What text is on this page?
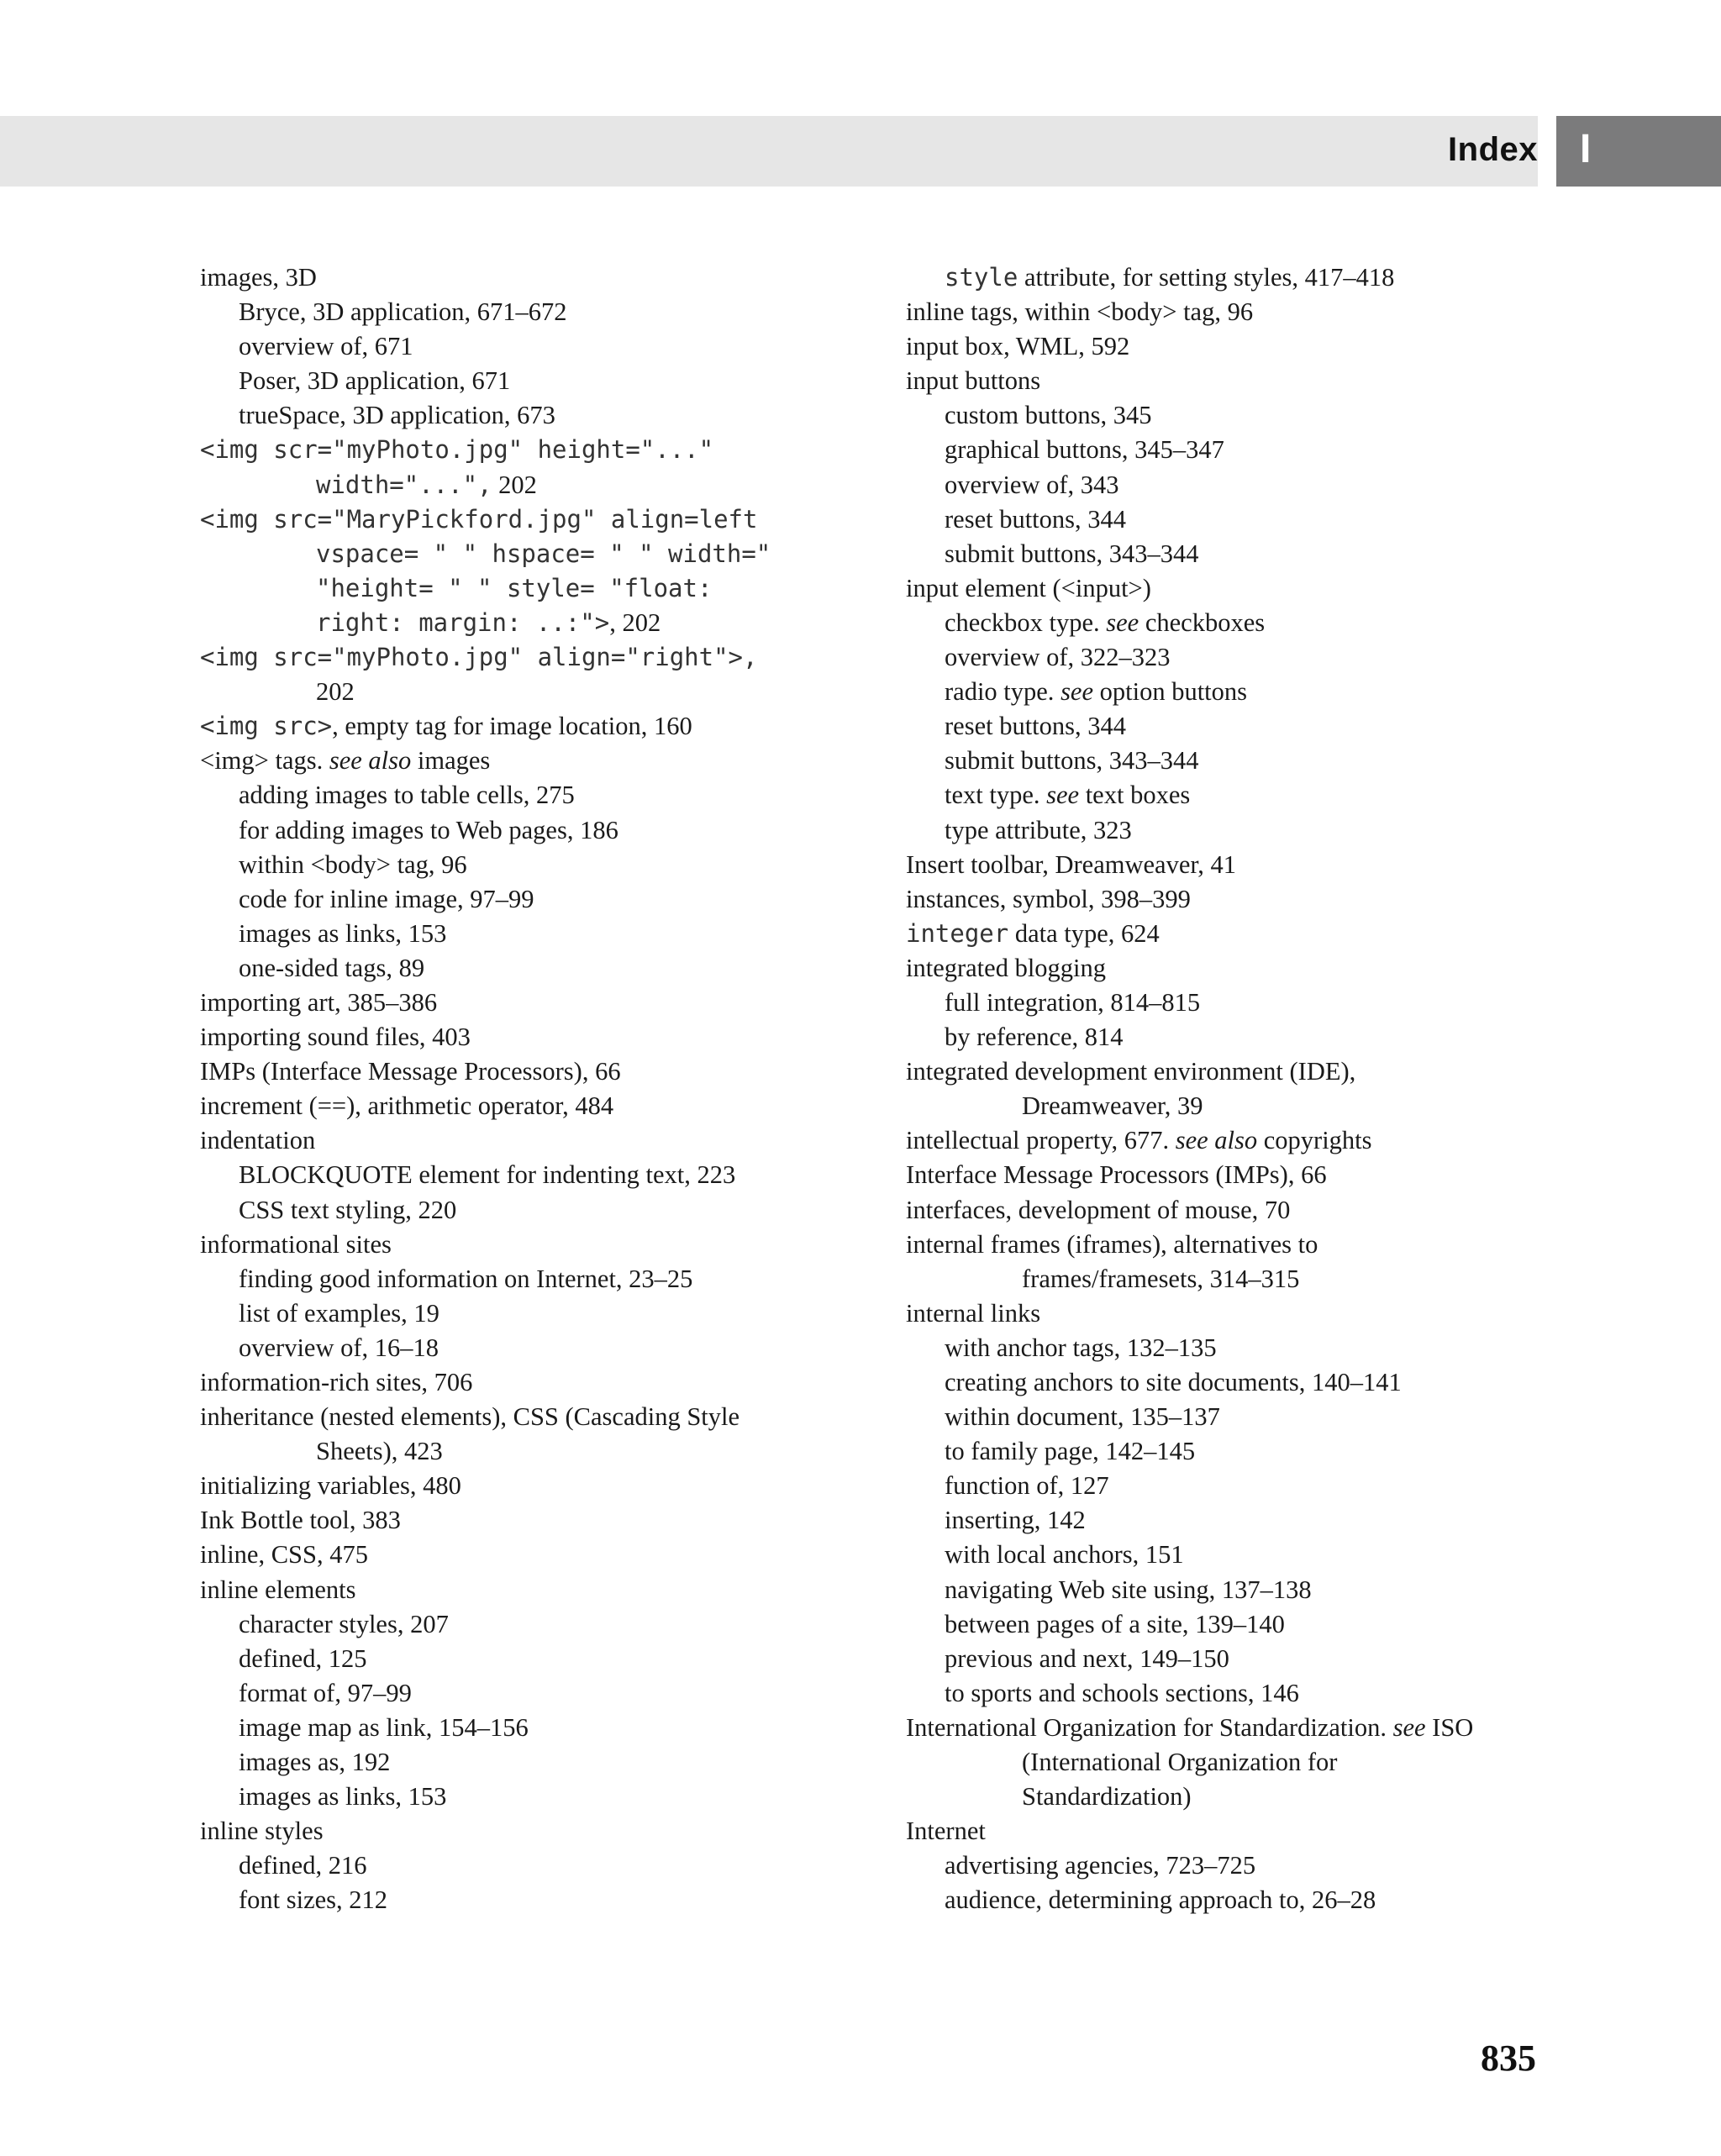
Index I
images, 3D
Bryce, 3D application, 671–672
overview of, 671
Poser, 3D application, 671
trueSpace, 3D application, 673
<img scr="myPhoto.jpg" height="..."
width="...", 202
<img src="MaryPickford.jpg" align=left
vspace= " " hspace= " " width="
"height= " " style= "float:
right: margin: ..:">, 202
<img src="myPhoto.jpg" align="right">,
202
<img src>, empty tag for image location, 160
<img> tags. see also images
adding images to table cells, 275
for adding images to Web pages, 186
within <body> tag, 96
code for inline image, 97–99
images as links, 153
one-sided tags, 89
importing art, 385–386
importing sound files, 403
IMPs (Interface Message Processors), 66
increment (==), arithmetic operator, 484
indentation
BLOCKQUOTE element for indenting text, 223
CSS text styling, 220
informational sites
finding good information on Internet, 23–25
list of examples, 19
overview of, 16–18
information-rich sites, 706
inheritance (nested elements), CSS (Cascading Style
Sheets), 423
initializing variables, 480
Ink Bottle tool, 383
inline, CSS, 475
inline elements
character styles, 207
defined, 125
format of, 97–99
image map as link, 154–156
images as, 192
images as links, 153
inline styles
defined, 216
font sizes, 212
style attribute, for setting styles, 417–418
inline tags, within <body> tag, 96
input box, WML, 592
input buttons
custom buttons, 345
graphical buttons, 345–347
overview of, 343
reset buttons, 344
submit buttons, 343–344
input element (<input>)
checkbox type. see checkboxes
overview of, 322–323
radio type. see option buttons
reset buttons, 344
submit buttons, 343–344
text type. see text boxes
type attribute, 323
Insert toolbar, Dreamweaver, 41
instances, symbol, 398–399
integer data type, 624
integrated blogging
full integration, 814–815
by reference, 814
integrated development environment (IDE),
Dreamweaver, 39
intellectual property, 677. see also copyrights
Interface Message Processors (IMPs), 66
interfaces, development of mouse, 70
internal frames (iframes), alternatives to
frames/framesets, 314–315
internal links
with anchor tags, 132–135
creating anchors to site documents, 140–141
within document, 135–137
to family page, 142–145
function of, 127
inserting, 142
with local anchors, 151
navigating Web site using, 137–138
between pages of a site, 139–140
previous and next, 149–150
to sports and schools sections, 146
International Organization for Standardization. see ISO
(International Organization for
Standardization)
Internet
advertising agencies, 723–725
audience, determining approach to, 26–28
835
